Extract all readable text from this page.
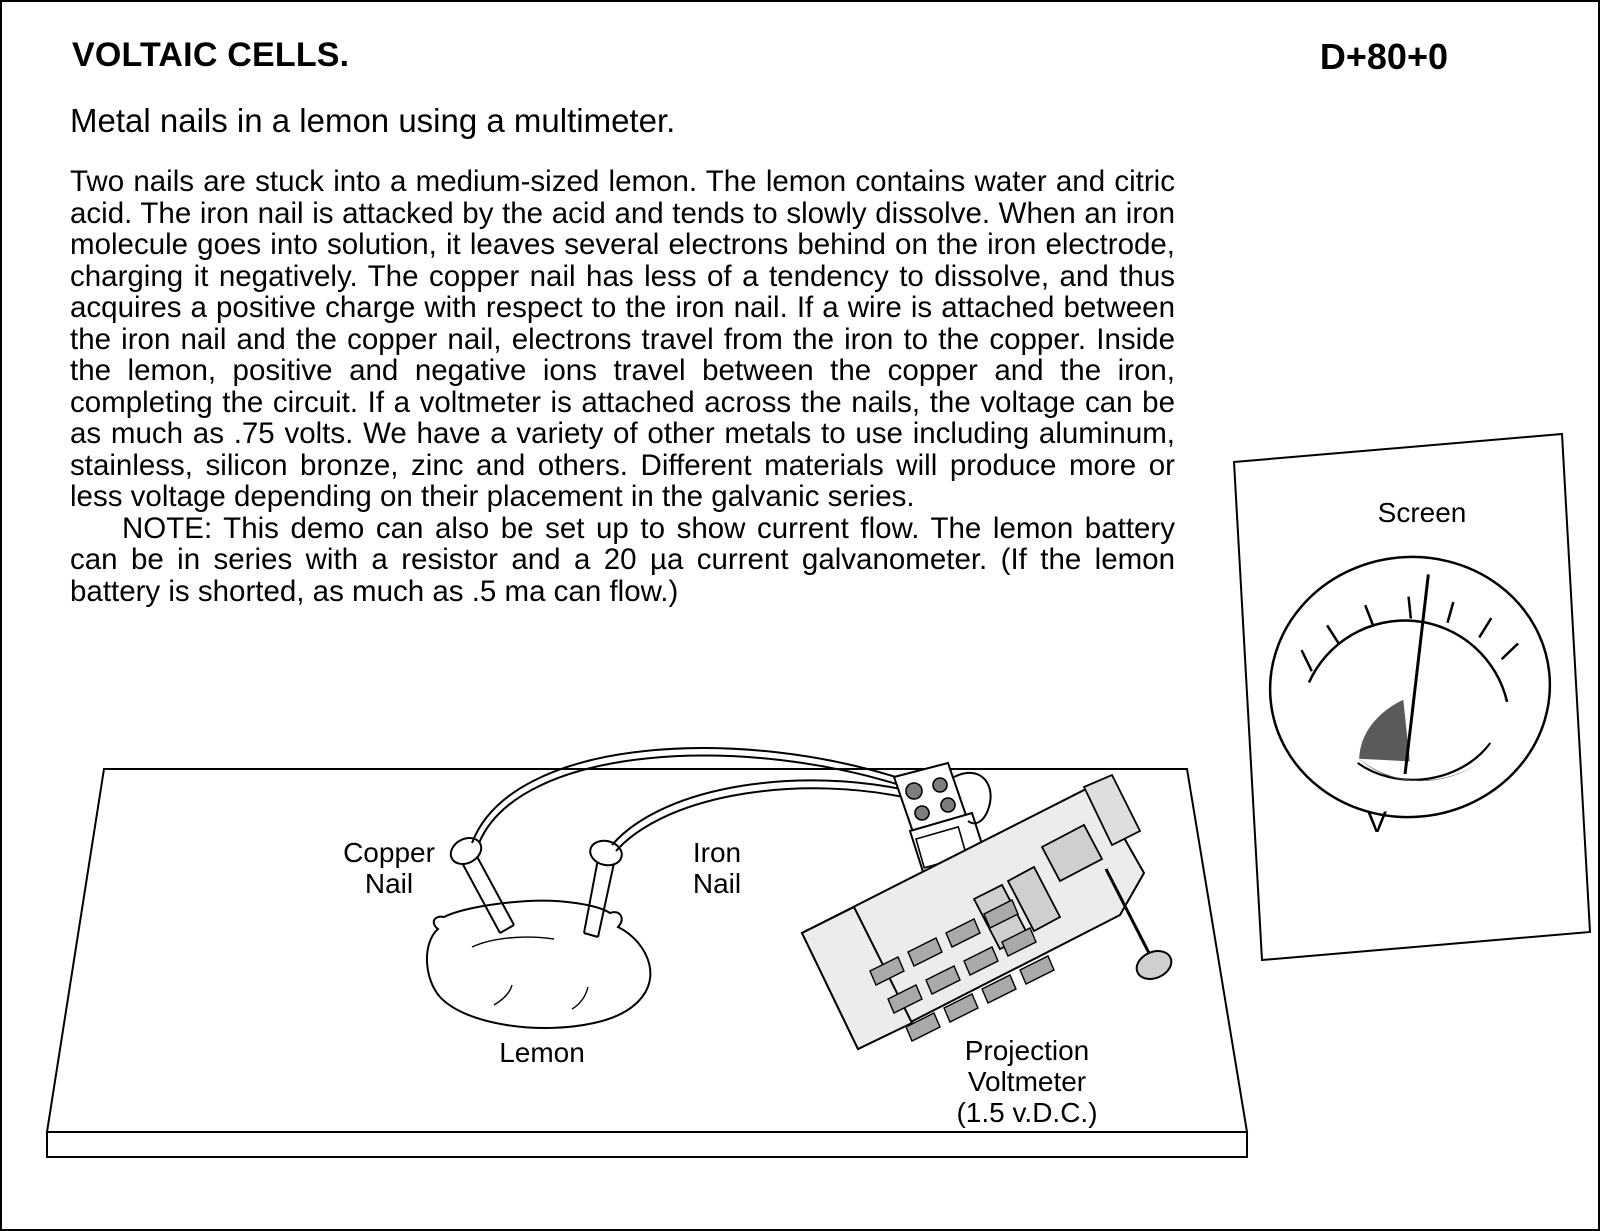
VOLTAIC CELLS.	D+80+0
Metal nails in a lemon using a multimeter.

Two nails are stuck into a medium-sized lemon. The lemon contains water and citric acid. The iron nail is attacked by the acid and tends to slowly dissolve. When an iron molecule goes into solution, it leaves several electrons behind on the iron electrode, charging it negatively. The copper nail has less of a tendency to dissolve, and thus acquires a positive charge with respect to the iron nail. If a wire is attached between the iron nail and the copper nail, electrons travel from the iron to the copper. Inside the lemon, positive and negative ions travel between the copper and the iron, completing the circuit. If a voltmeter is attached across the nails, the voltage can be as much as .75 volts. We have a variety of other metals to use including aluminum, stainless, silicon bronze, zinc and others. Different materials will produce more or less voltage depending on their placement in the galvanic series.

NOTE: This demo can also be set up to show current flow. The lemon battery can be in series with a resistor and a 20 µa current galvanometer. (If the lemon battery is shorted, as much as .5 ma can flow.)

Screen
V
Copper
Nail
Iron
Nail
Lemon	Projection
Voltmeter
(1.5 v.D.C.)
